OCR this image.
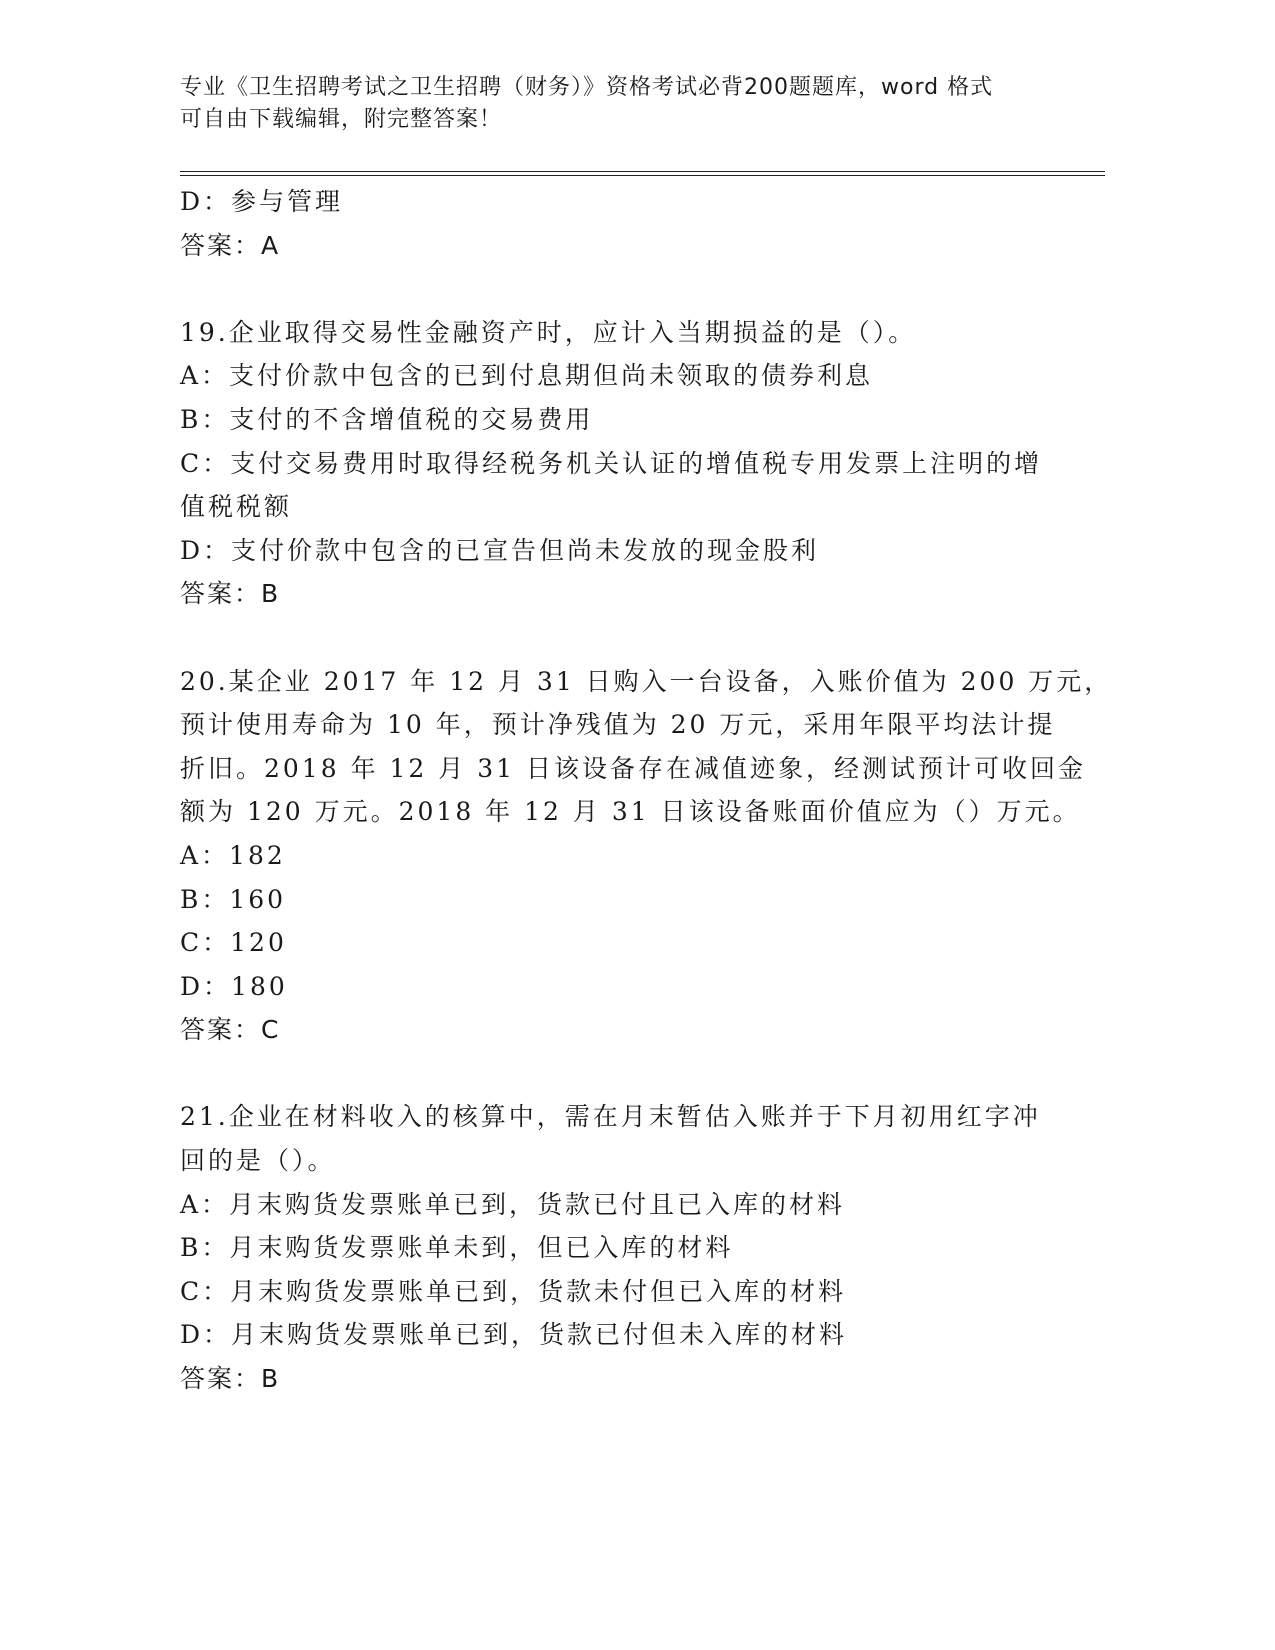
专业《卫生招聘考试之卫生招聘（财务）》资格考试必背200题题库，word 格式
可自由下载编辑，附完整答案！
D：参与管理
答案：A
19.企业取得交易性金融资产时，应计入当期损益的是（）。
A：支付价款中包含的已到付息期但尚未领取的债券利息
B：支付的不含增值税的交易费用
C：支付交易费用时取得经税务机关认证的增值税专用发票上注明的增
值税税额
D：支付价款中包含的已宣告但尚未发放的现金股利
答案：B
20.某企业 2017 年 12 月 31 日购入一台设备，入账价值为 200 万元，
预计使用寿命为 10 年，预计净残值为 20 万元，采用年限平均法计提
折旧。2018 年 12 月 31 日该设备存在减值迹象，经测试预计可收回金
额为 120 万元。2018 年 12 月 31 日该设备账面价值应为（）万元。
A：182
B：160
C：120
D：180
答案：C
21.企业在材料收入的核算中，需在月末暂估入账并于下月初用红字冲
回的是（）。
A：月末购货发票账单已到，货款已付且已入库的材料
B：月末购货发票账单未到，但已入库的材料
C：月末购货发票账单已到，货款未付但已入库的材料
D：月末购货发票账单已到，货款已付但未入库的材料
答案：B
